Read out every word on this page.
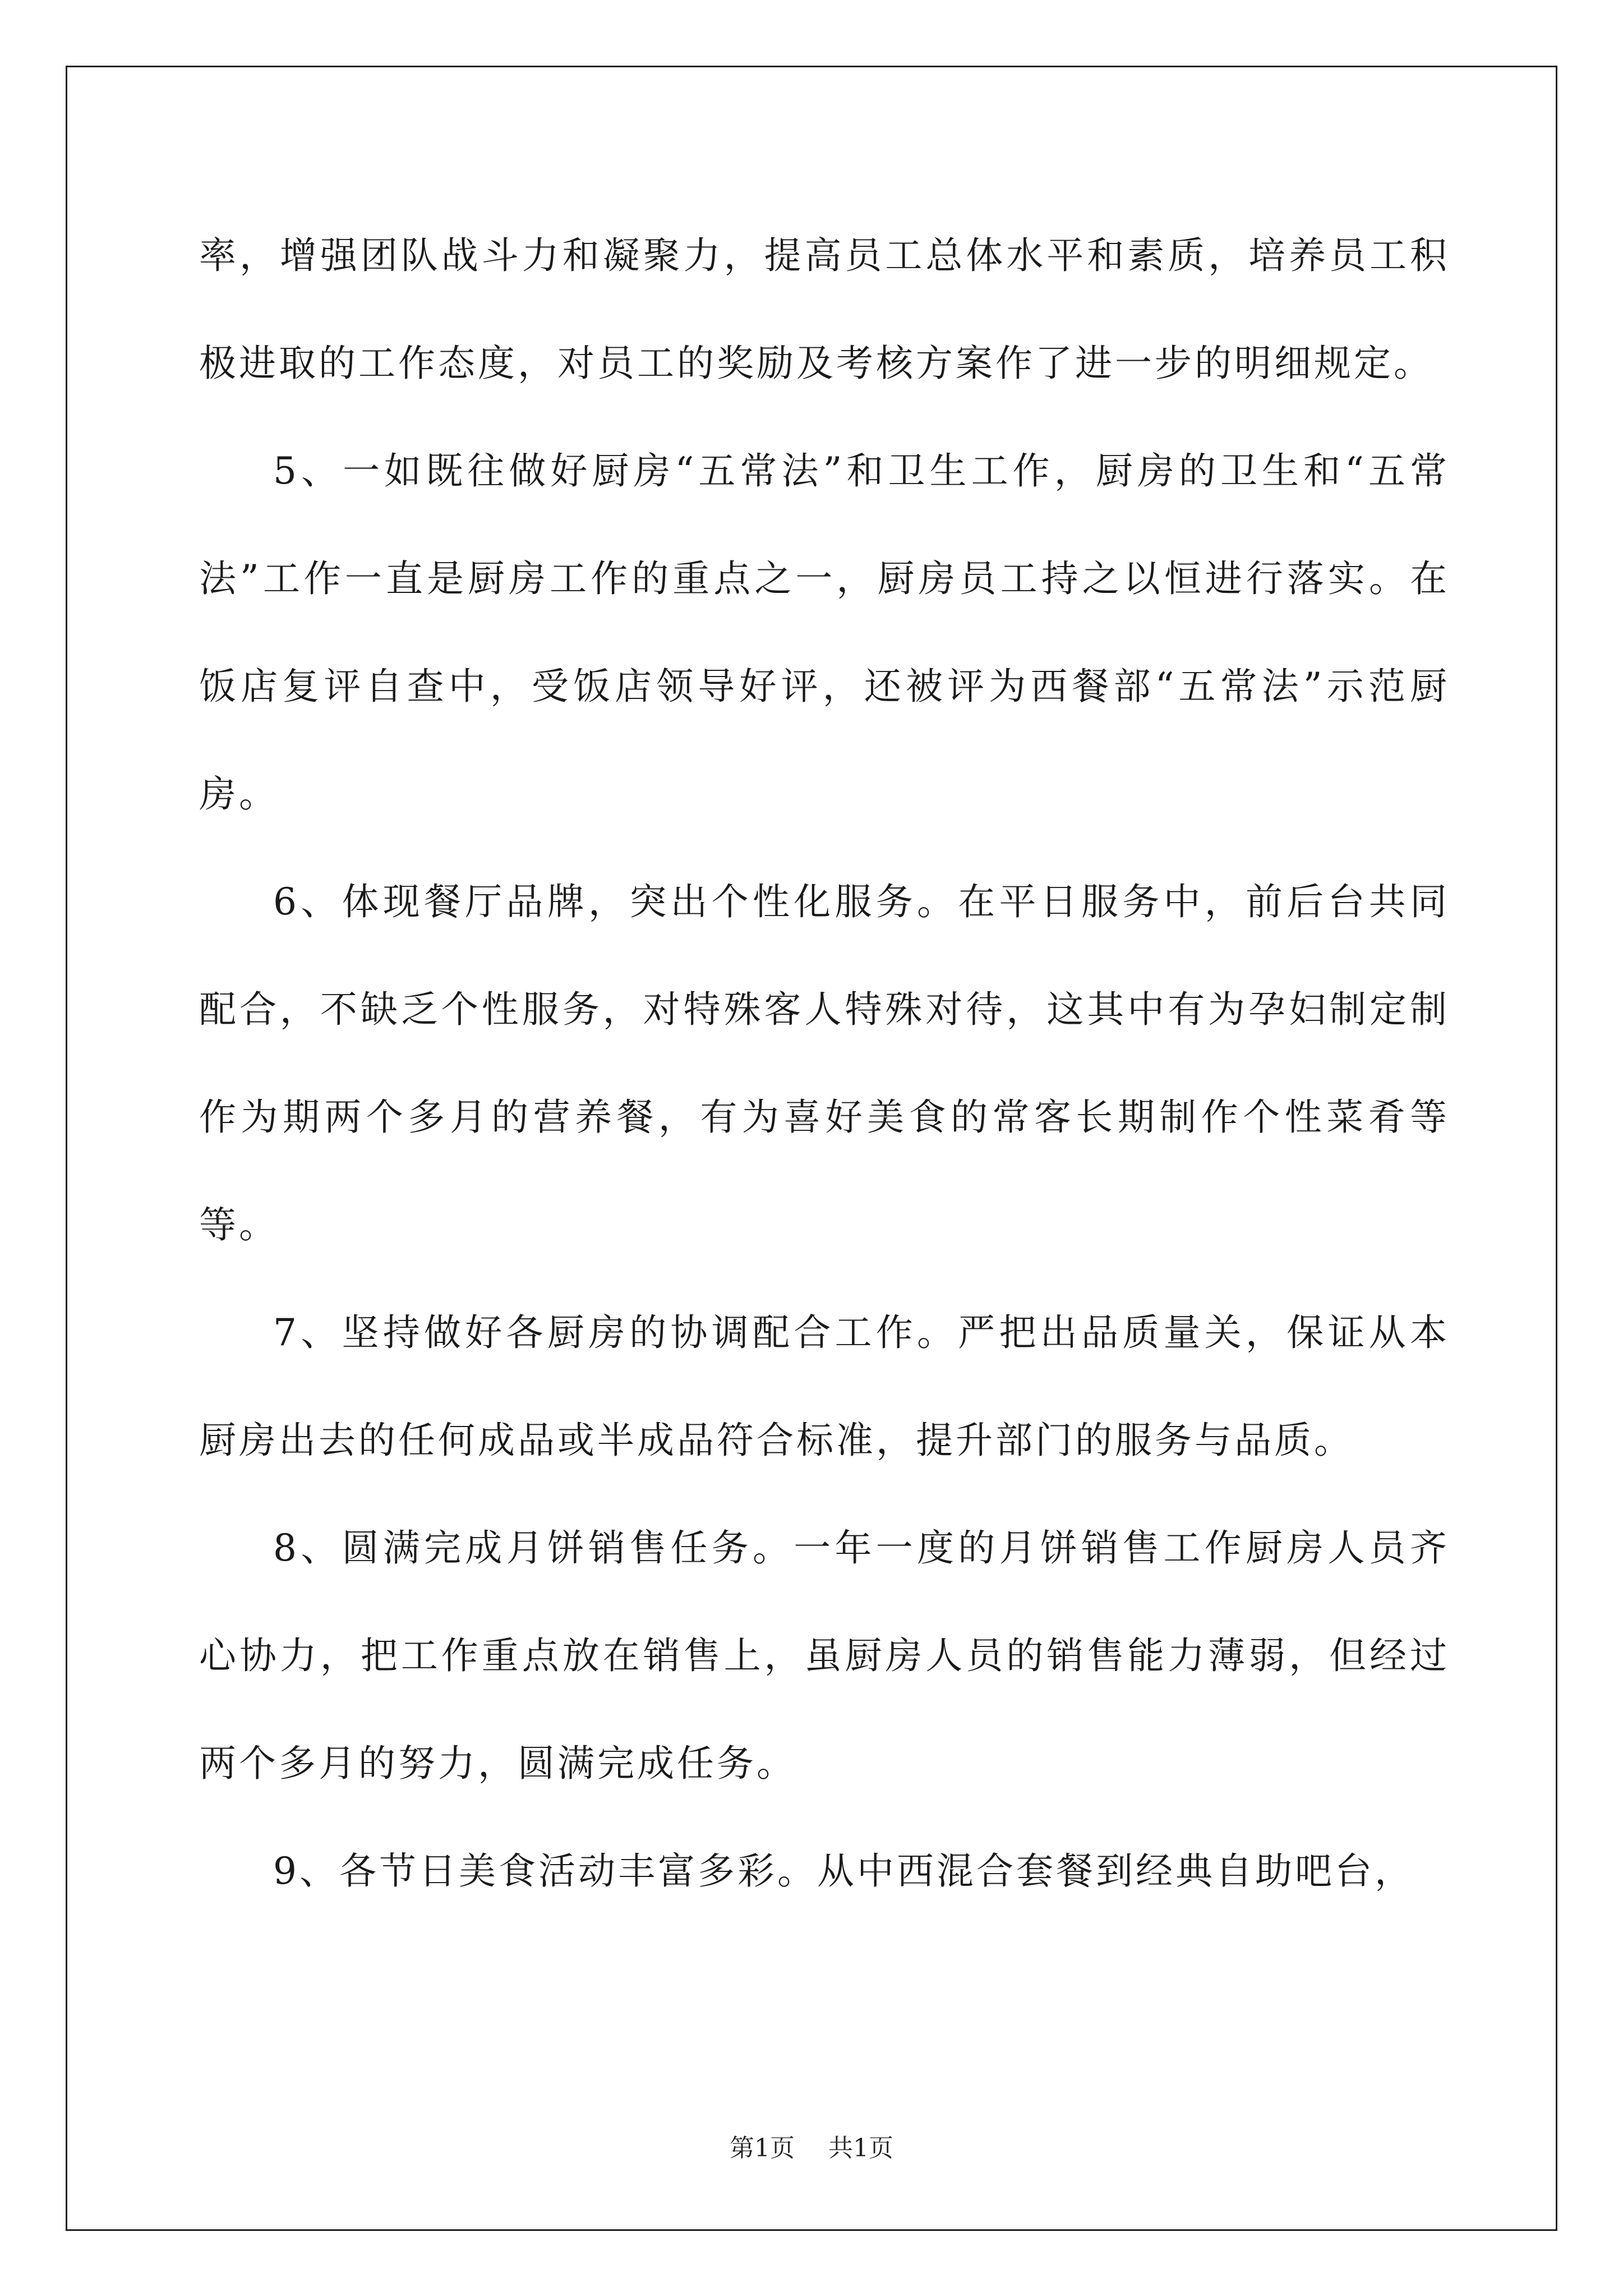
率，增强团队战斗力和凝聚力，提高员工总体水平和素质，培养员工积极进取的工作态度，对员工的奖励及考核方案作了进一步的明细规定。

5、一如既往做好厨房“五常法”和卫生工作，厨房的卫生和“五常法”工作一直是厨房工作的重点之一，厨房员工持之以恒进行落实。在饭店复评自查中，受饭店领导好评，还被评为西餐部“五常法”示范厨房。

6、体现餐厅品牌，突出个性化服务。在平日服务中，前后台共同配合，不缺乏个性服务，对特殊客人特殊对待，这其中有为孕妇制定制作为期两个多月的营养餐，有为喜好美食的常客长期制作个性菜肴等等。

7、坚持做好各厨房的协调配合工作。严把出品质量关，保证从本厨房出去的任何成品或半成品符合标准，提升部门的服务与品质。

8、圆满完成月饼销售任务。一年一度的月饼销售工作厨房人员齐心协力，把工作重点放在销售上，虽厨房人员的销售能力薄弱，但经过两个多月的努力，圆满完成任务。

9、各节日美食活动丰富多彩。从中西混合套餐到经典自助吧台，

第1页 共1页
